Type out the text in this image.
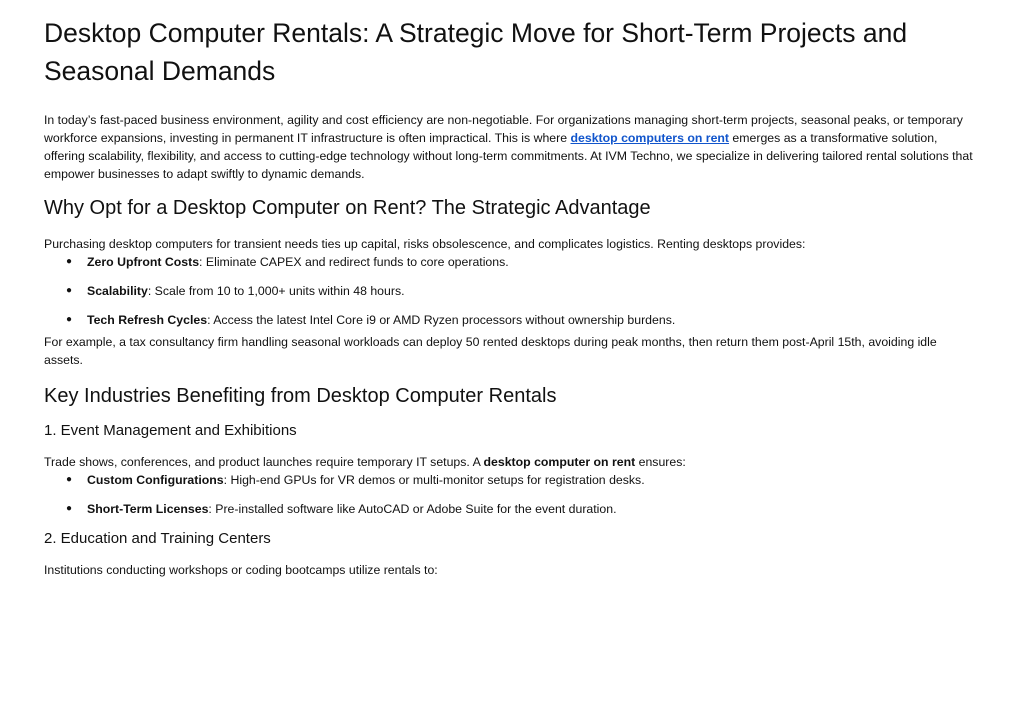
Desktop Computer Rentals: A Strategic Move for Short-Term Projects and Seasonal Demands

In today’s fast-paced business environment, agility and cost efficiency are non-negotiable. For organizations managing short-term projects, seasonal peaks, or temporary workforce expansions, investing in permanent IT infrastructure is often impractical. This is where desktop computers on rent emerges as a transformative solution, offering scalability, flexibility, and access to cutting-edge technology without long-term commitments. At IVM Techno, we specialize in delivering tailored rental solutions that empower businesses to adapt swiftly to dynamic demands.

Why Opt for a Desktop Computer on Rent? The Strategic Advantage

Purchasing desktop computers for transient needs ties up capital, risks obsolescence, and complicates logistics. Renting desktops provides:

● Zero Upfront Costs: Eliminate CAPEX and redirect funds to core operations.
● Scalability: Scale from 10 to 1,000+ units within 48 hours.
● Tech Refresh Cycles: Access the latest Intel Core i9 or AMD Ryzen processors without ownership burdens.

For example, a tax consultancy firm handling seasonal workloads can deploy 50 rented desktops during peak months, then return them post-April 15th, avoiding idle assets.

Key Industries Benefiting from Desktop Computer Rentals
1. Event Management and Exhibitions

Trade shows, conferences, and product launches require temporary IT setups. A desktop computer on rent ensures:

● Custom Configurations: High-end GPUs for VR demos or multi-monitor setups for registration desks.
● Short-Term Licenses: Pre-installed software like AutoCAD or Adobe Suite for the event duration.
2. Education and Training Centers

Institutions conducting workshops or coding bootcamps utilize rentals to:
